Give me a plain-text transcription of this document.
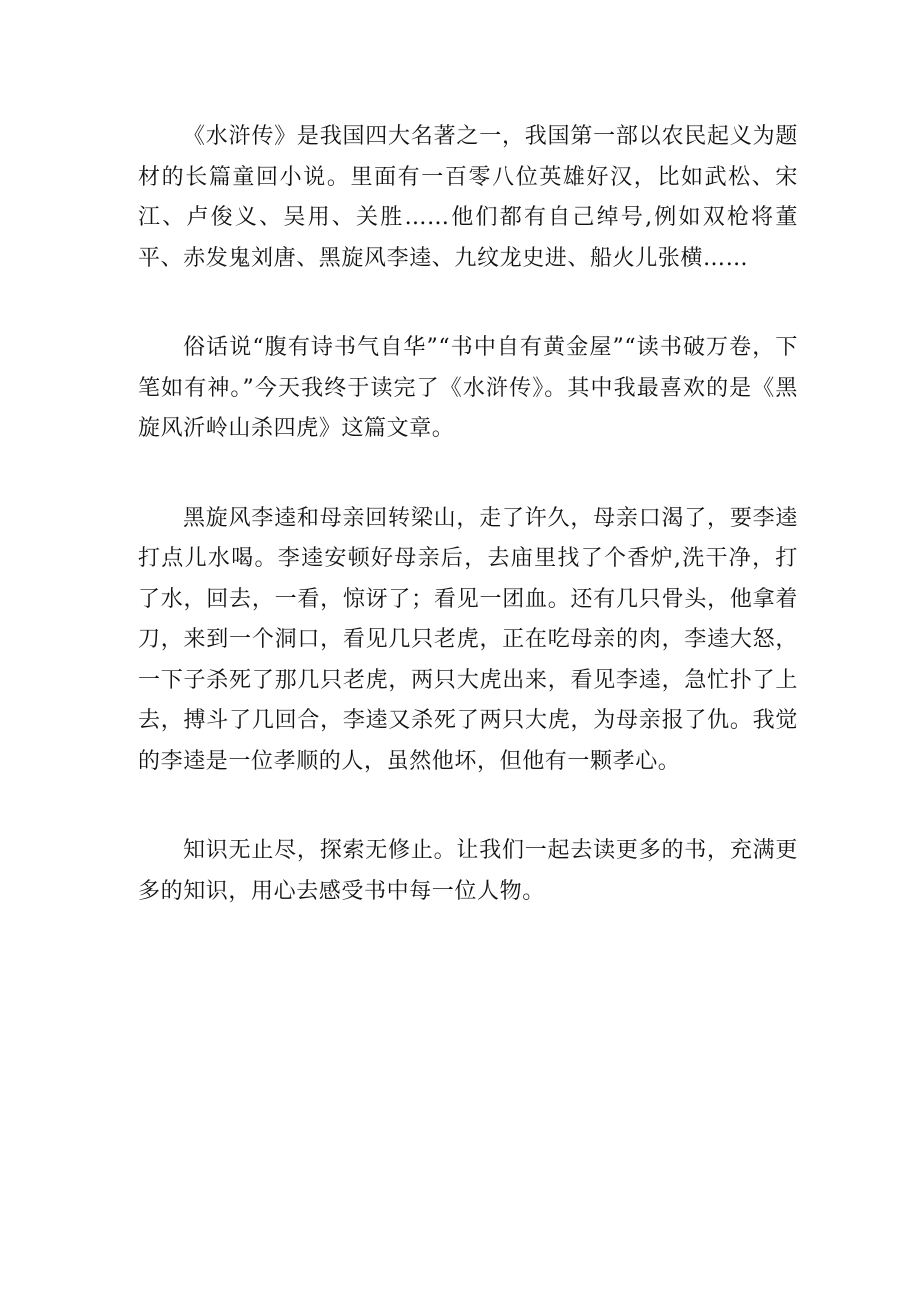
《水浒传》是我国四大名著之一，我国第一部以农民起义为题材的长篇童回小说。里面有一百零八位英雄好汉，比如武松、宋江、卢俊义、吴用、关胜……他们都有自己绰号,例如双枪将董平、赤发鬼刘唐、黑旋风李逵、九纹龙史进、船火儿张横……

俗话说“腹有诗书气自华”“书中自有黄金屋”“读书破万卷，下笔如有神。”今天我终于读完了《水浒传》。其中我最喜欢的是《黑旋风沂岭山杀四虎》这篇文章。

黑旋风李逵和母亲回转梁山，走了许久，母亲口渴了，要李逵打点儿水喝。李逵安顿好母亲后，去庙里找了个香炉,洗干净，打了水，回去，一看，惊讶了；看见一团血。还有几只骨头，他拿着刀，来到一个洞口，看见几只老虎，正在吃母亲的肉，李逵大怒，一下子杀死了那几只老虎，两只大虎出来，看见李逵，急忙扑了上去，搏斗了几回合，李逵又杀死了两只大虎，为母亲报了仇。我觉的李逵是一位孝顺的人，虽然他坏，但他有一颗孝心。

知识无止尽，探索无修止。让我们一起去读更多的书，充满更多的知识，用心去感受书中每一位人物。
